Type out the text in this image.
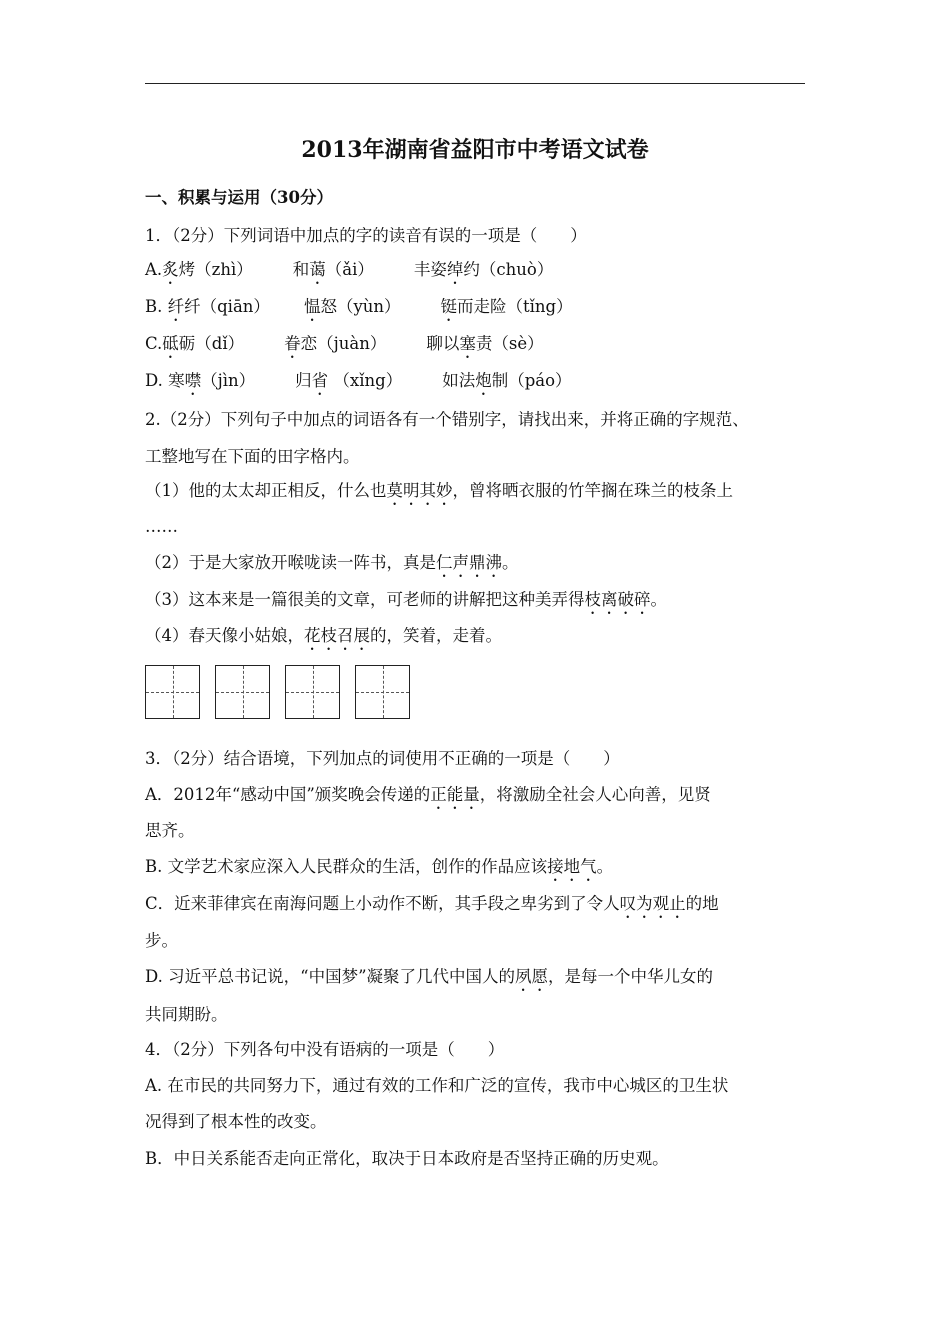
2013年湖南省益阳市中考语文试卷
一、积累与运用（30分）
1．（2分）下列词语中加点的字的读音有误的一项是（　　）
A.炙烤（zhì） 和蔼（ǎi） 丰姿绰约（chuò）
B. 纤纤（qiān） 愠怒（yùn） 铤而走险（tǐng）
C.砥砺（dǐ） 眷恋（juàn） 聊以塞责（sè）
D. 寒噤（jìn） 归省 （xǐng） 如法炮制（páo）
2.（2分）下列句子中加点的词语各有一个错别字，请找出来，并将正确的字规范、
工整地写在下面的田字格内。
（1）他的太太却正相反，什么也莫明其妙，曾将晒衣服的竹竿搁在珠兰的枝条上
……
（2）于是大家放开喉咙读一阵书，真是仁声鼎沸。
（3）这本来是一篇很美的文章，可老师的讲解把这种美弄得枝离破碎。
（4）春天像小姑娘，花枝召展的，笑着，走着。
3．（2分）结合语境，下列加点的词使用不正确的一项是（　　）
A．2012年“感动中国”颁奖晚会传递的正能量，将激励全社会人心向善，见贤
思齐。
B. 文学艺术家应深入人民群众的生活，创作的作品应该接地气。
C．近来菲律宾在南海问题上小动作不断，其手段之卑劣到了令人叹为观止的地
步。
D. 习近平总书记说，“中国梦”凝聚了几代中国人的夙愿，是每一个中华儿女的
共同期盼。
4．（2分）下列各句中没有语病的一项是（　　）
A. 在市民的共同努力下，通过有效的工作和广泛的宣传，我市中心城区的卫生状
况得到了根本性的改变。
B．中日关系能否走向正常化，取决于日本政府是否坚持正确的历史观。
